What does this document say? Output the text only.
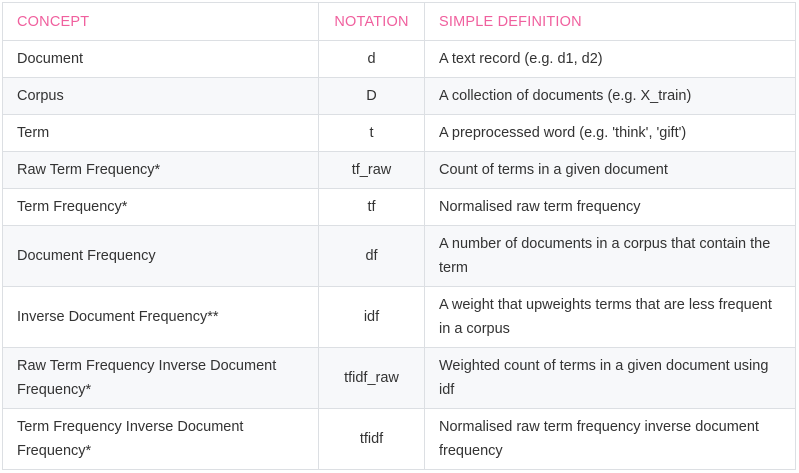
CONCEPT	NOTATION	SIMPLE DEFINITION
Document	d	A text record (e.g. d1, d2)
Corpus	D	A collection of documents (e.g. X_train)
Term	t	A preprocessed word (e.g. 'think', 'gift')
Raw Term Frequency*	tf_raw	Count of terms in a given document
Term Frequency*	tf	Normalised raw term frequency
Document Frequency	df	A number of documents in a corpus that contain the term
Inverse Document Frequency**	idf	A weight that upweights terms that are less frequent in a corpus
Raw Term Frequency Inverse Document Frequency*	tfidf_raw	Weighted count of terms in a given document using idf
Term Frequency Inverse Document Frequency*	tfidf	Normalised raw term frequency inverse document frequency
